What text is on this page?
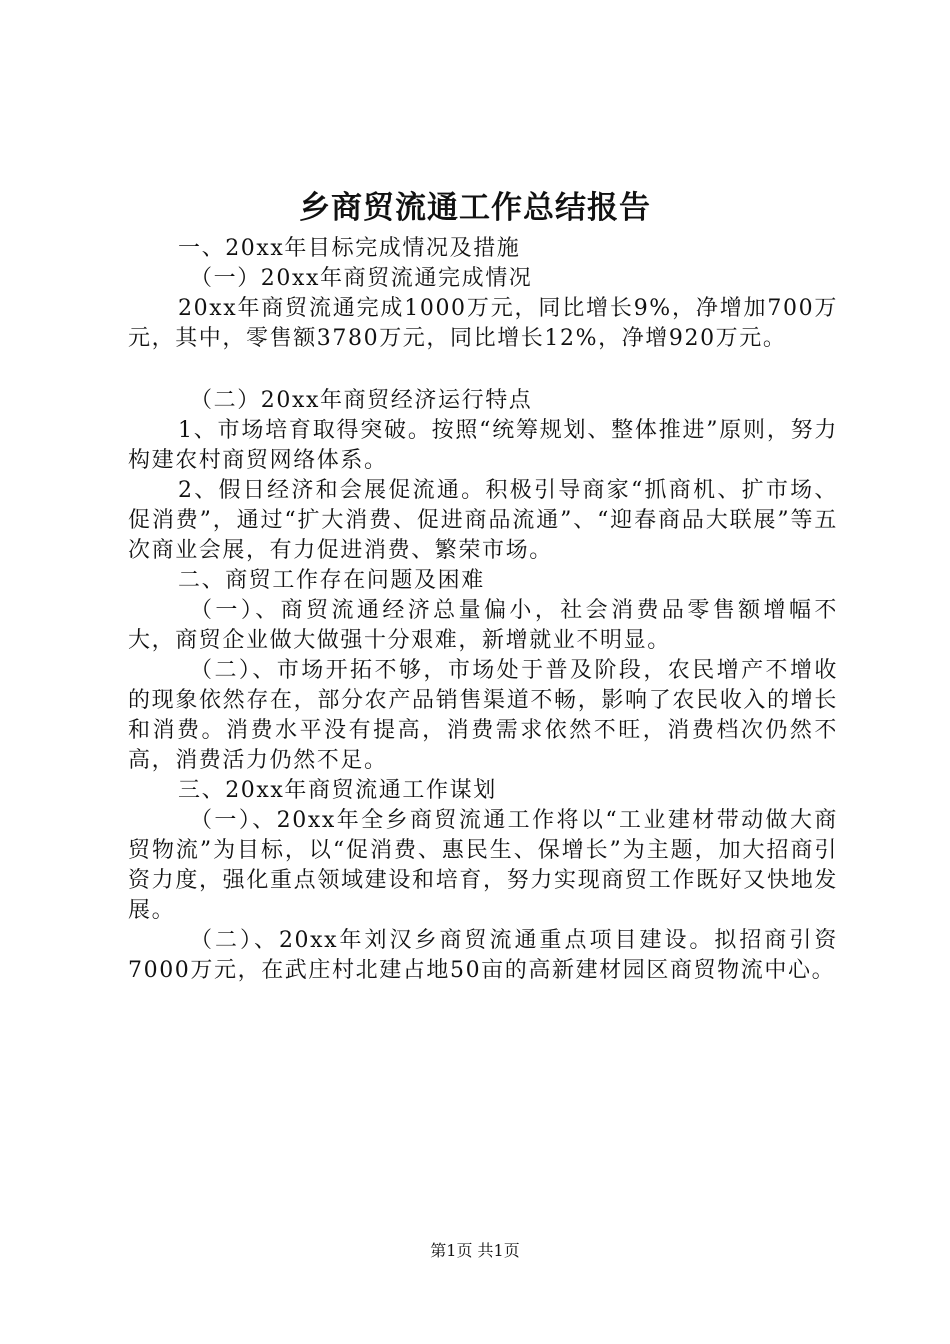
乡商贸流通工作总结报告

一、20xx年目标完成情况及措施

（一）20xx年商贸流通完成情况

20xx年商贸流通完成1000万元，同比增长9%，净增加700万元，其中，零售额3780万元，同比增长12%，净增920万元。

（二）20xx年商贸经济运行特点

1、市场培育取得突破。按照“统筹规划、整体推进”原则，努力构建农村商贸网络体系。

2、假日经济和会展促流通。积极引导商家“抓商机、扩市场、促消费”，通过“扩大消费、促进商品流通”、“迎春商品大联展”等五次商业会展，有力促进消费、繁荣市场。

二、商贸工作存在问题及困难

（一）、商贸流通经济总量偏小，社会消费品零售额增幅不大，商贸企业做大做强十分艰难，新增就业不明显。

（二）、市场开拓不够，市场处于普及阶段，农民增产不增收的现象依然存在，部分农产品销售渠道不畅，影响了农民收入的增长和消费。消费水平没有提高，消费需求依然不旺，消费档次仍然不高，消费活力仍然不足。

三、20xx年商贸流通工作谋划

（一）、20xx年全乡商贸流通工作将以“工业建材带动做大商贸物流”为目标，以“促消费、惠民生、保增长”为主题，加大招商引资力度，强化重点领域建设和培育，努力实现商贸工作既好又快地发展。

（二）、20xx年刘汉乡商贸流通重点项目建设。拟招商引资7000万元，在武庄村北建占地50亩的高新建材园区商贸物流中心。

第1页 共1页
